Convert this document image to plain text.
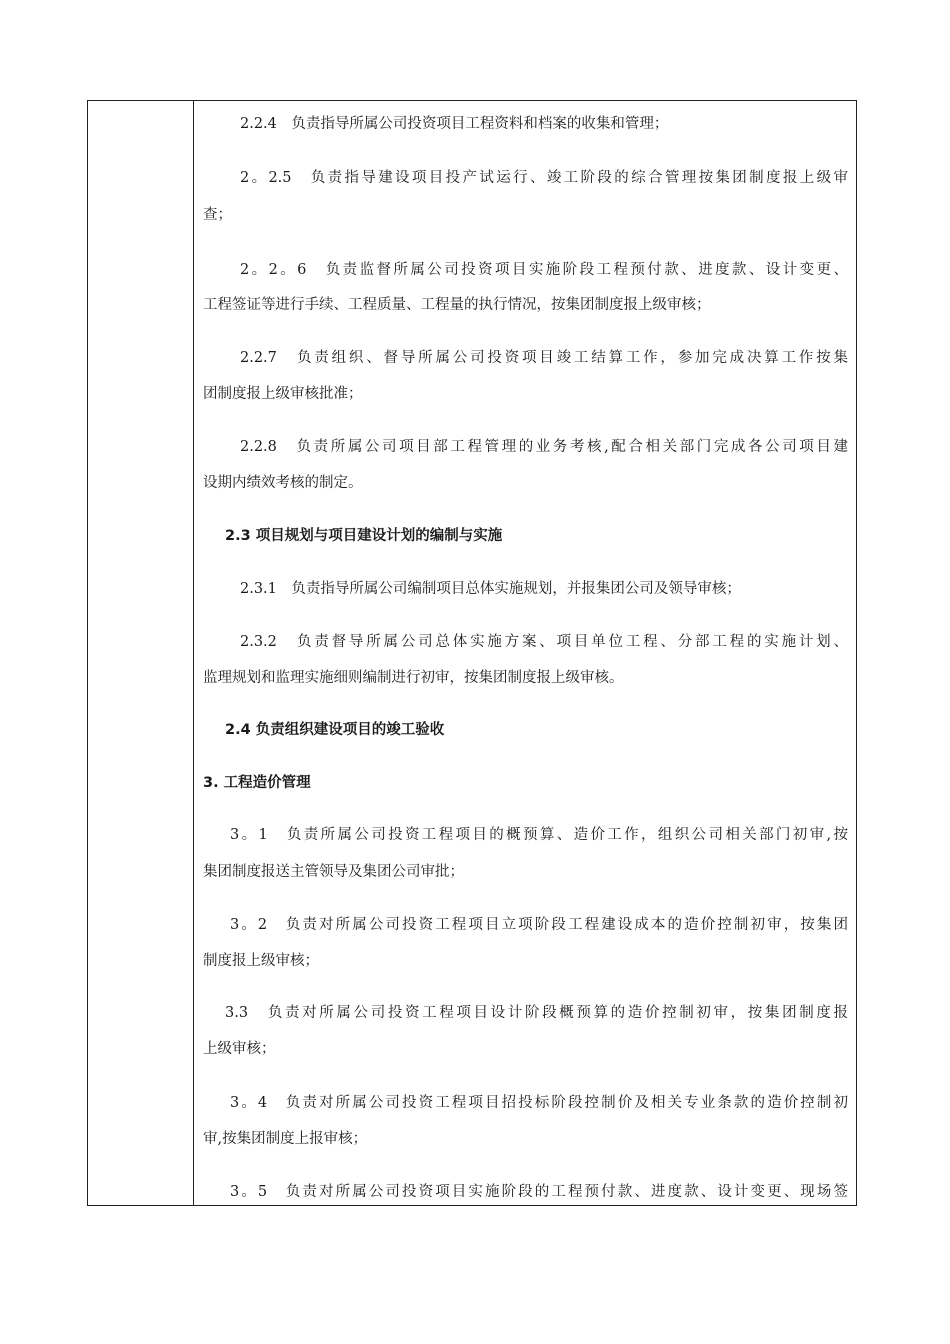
2.2.4　负责指导所属公司投资项目工程资料和档案的收集和管理；
2。2.5　负责指导建设项目投产试运行、竣工阶段的综合管理按集团制度报上级审
查；
2。2。6　负责监督所属公司投资项目实施阶段工程预付款、进度款、设计变更、
工程签证等进行手续、工程质量、工程量的执行情况，按集团制度报上级审核；
2.2.7　负责组织、督导所属公司投资项目竣工结算工作，参加完成决算工作按集
团制度报上级审核批准；
2.2.8　负责所属公司项目部工程管理的业务考核,配合相关部门完成各公司项目建
设期内绩效考核的制定。
2.3 项目规划与项目建设计划的编制与实施
2.3.1　负责指导所属公司编制项目总体实施规划，并报集团公司及领导审核；
2.3.2　负责督导所属公司总体实施方案、项目单位工程、分部工程的实施计划、
监理规划和监理实施细则编制进行初审，按集团制度报上级审核。
2.4 负责组织建设项目的竣工验收
3. 工程造价管理
3。1　负责所属公司投资工程项目的概预算、造价工作，组织公司相关部门初审,按
集团制度报送主管领导及集团公司审批；
3。2　负责对所属公司投资工程项目立项阶段工程建设成本的造价控制初审，按集团
制度报上级审核；
3.3　负责对所属公司投资工程项目设计阶段概预算的造价控制初审，按集团制度报
上级审核；
3。4　负责对所属公司投资工程项目招投标阶段控制价及相关专业条款的造价控制初
审,按集团制度上报审核；
3。5　负责对所属公司投资项目实施阶段的工程预付款、进度款、设计变更、现场签
